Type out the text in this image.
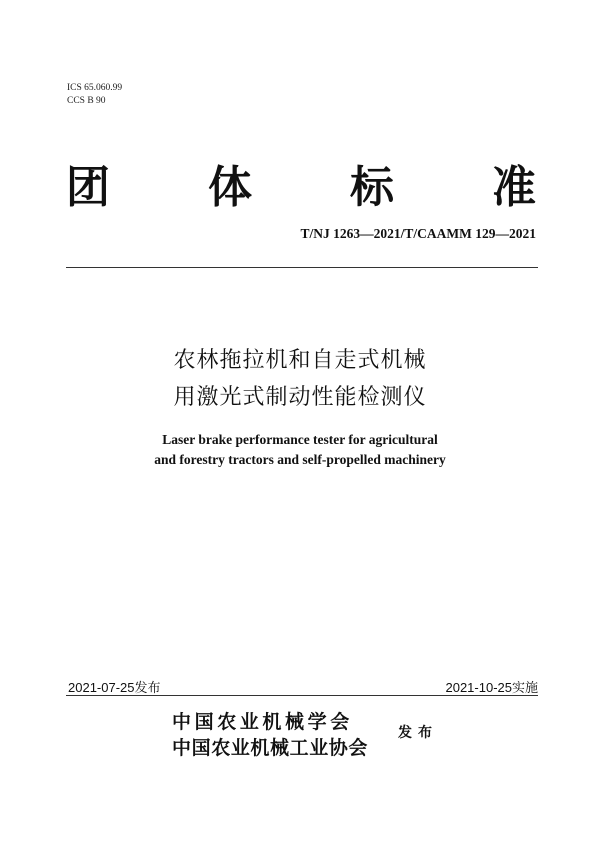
ICS 65.060.99
CCS B 90
团 体 标 准
T/NJ 1263—2021/T/CAAMM 129—2021
农林拖拉机和自走式机械
用激光式制动性能检测仪
Laser brake performance tester for agricultural
and forestry tractors and self-propelled machinery
2021-07-25发布	2021-10-25实施
中国农业机械学会
中国农业机械工业协会
发布
